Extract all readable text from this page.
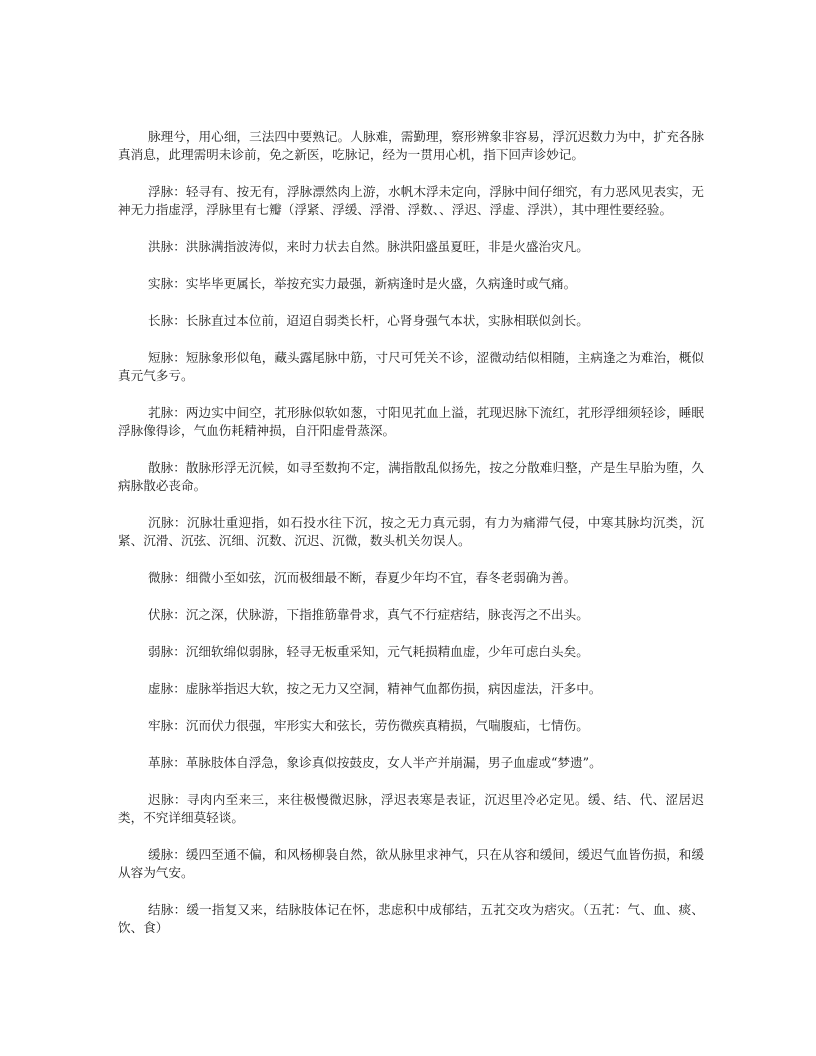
脉理兮，用心细，三法四中要熟记。人脉难，需勤理，察形辨象非容易，浮沉迟数力为中，扩充各脉真消息，此理需明未诊前，免之新医，吃脉记，经为一贯用心机，指下回声诊妙记。

浮脉：轻寻有、按无有，浮脉漂然肉上游，水帆木浮未定向，浮脉中间仔细究，有力恶风见表实，无神无力指虚浮，浮脉里有七瓣（浮紧、浮缓、浮滑、浮数、、浮迟、浮虚、浮洪），其中理性要经验。

洪脉：洪脉满指波涛似，来时力状去自然。脉洪阳盛虽夏旺，非是火盛治灾凡。

实脉：实毕毕更属长，举按充实力最强，新病逢时是火盛，久病逢时或气痛。

长脉：长脉直过本位前，迢迢自弱类长杆，心肾身强气本状，实脉相联似剑长。

短脉：短脉象形似龟，藏头露尾脉中筋，寸尺可凭关不诊，涩微动结似相随，主病逢之为难治，概似真元气多亏。

芤脉：两边实中间空，芤形脉似软如葱，寸阳见芤血上溢，芤现迟脉下流红，芤形浮细须轻诊，睡眠浮脉像得诊，气血伤耗精神损，自汗阳虚骨蒸深。

散脉：散脉形浮无沉候，如寻至数拘不定，满指散乱似扬先，按之分散难归整，产是生早胎为堕，久病脉散必丧命。

沉脉：沉脉壮重迎指，如石投水往下沉，按之无力真元弱，有力为痛滞气侵，中寒其脉均沉类，沉紧、沉滑、沉弦、沉细、沉数、沉迟、沉微，数头机关勿误人。

微脉：细微小至如弦，沉而极细最不断，春夏少年均不宜，春冬老弱确为善。

伏脉：沉之深，伏脉游，下指推筋靠骨求，真气不行症痞结，脉丧泻之不出头。

弱脉：沉细软绵似弱脉，轻寻无板重采知，元气耗损精血虚，少年可虑白头矣。

虚脉：虚脉举指迟大软，按之无力又空洞，精神气血都伤损，病因虚法，汗多中。

牢脉：沉而伏力很强，牢形实大和弦长，劳伤微疾真精损，气喘腹疝，七情伤。

革脉：革脉肢体自浮急，象诊真似按鼓皮，女人半产并崩漏，男子血虚或“梦遗”。

迟脉：寻肉内至来三，来往极慢微迟脉，浮迟表寒是表证，沉迟里冷必定见。缓、结、代、涩居迟类，不究详细莫轻谈。

缓脉：缓四至通不偏，和风杨柳袅自然，欲从脉里求神气，只在从容和缓间，缓迟气血皆伤损，和缓从容为气安。

结脉：缓一指复又来，结脉肢体记在怀，悲虑积中成郁结，五芤交攻为痞灾。（五芤：气、血、痰、饮、食）
